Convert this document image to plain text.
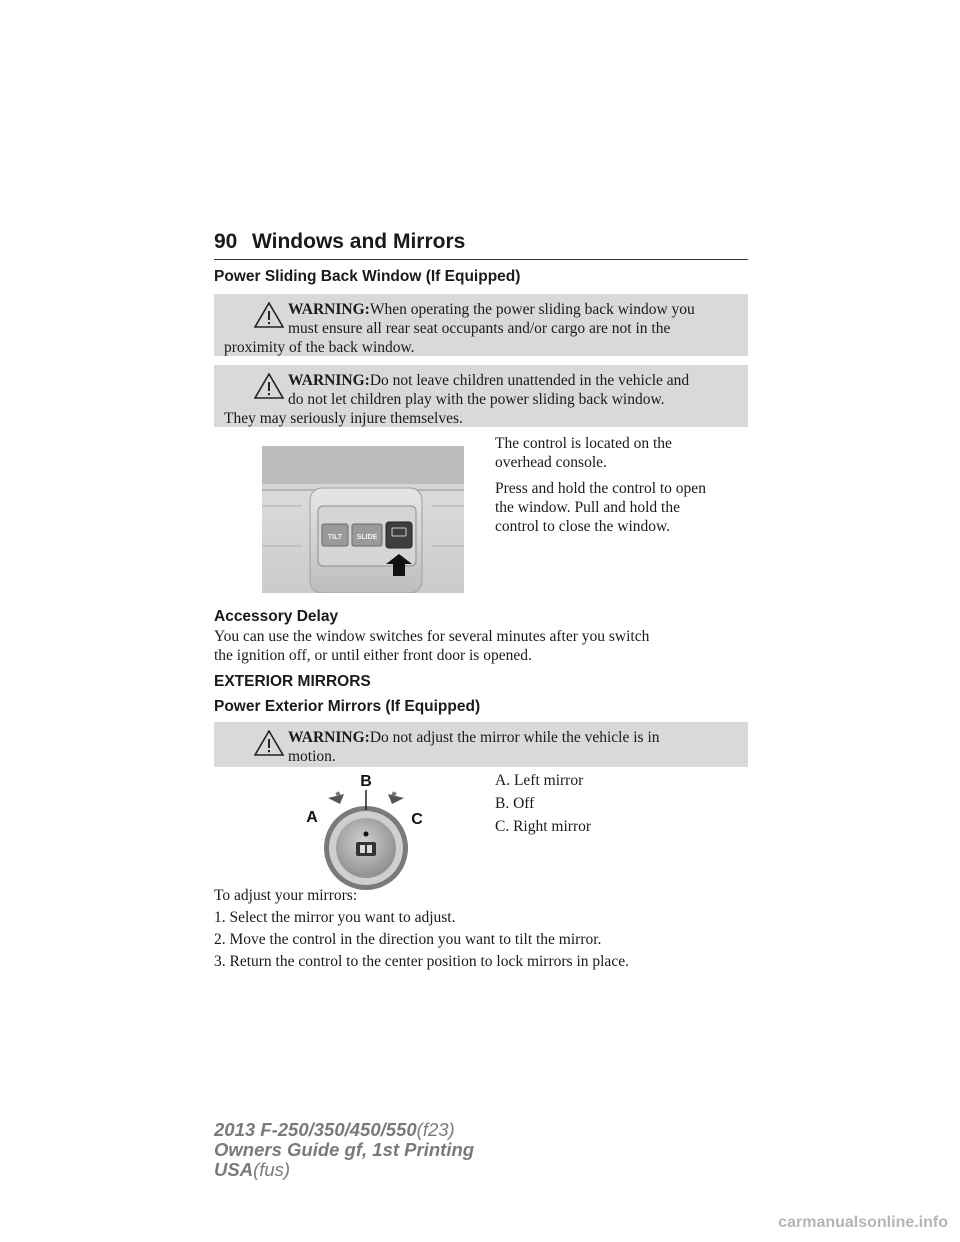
90 Windows and Mirrors
Power Sliding Back Window (If Equipped)
WARNING:When operating the power sliding back window you
must ensure all rear seat occupants and/or cargo are not in the
proximity of the back window.
WARNING:Do not leave children unattended in the vehicle and
do not let children play with the power sliding back window.
They may seriously injure themselves.
TILT SLIDE

The control is located on the

overhead console.

Press and hold the control to open

the window. Pull and hold the

control to close the window.

Accessory Delay

You can use the window switches for several minutes after you switch

the ignition off, or until either front door is opened.

EXTERIOR MIRRORS
Power Exterior Mirrors (If Equipped)
WARNING:Do not adjust the mirror while the vehicle is in
motion.
B
A	C

A. Left mirror

B. Off

C. Right mirror

To adjust your mirrors:

1. Select the mirror you want to adjust.

2. Move the control in the direction you want to tilt the mirror.

3. Return the control to the center position to lock mirrors in place.

2013 F-250/350/450/550(f23)
Owners Guide gf, 1st Printing
USA(fus)
carmanualsonline.info
